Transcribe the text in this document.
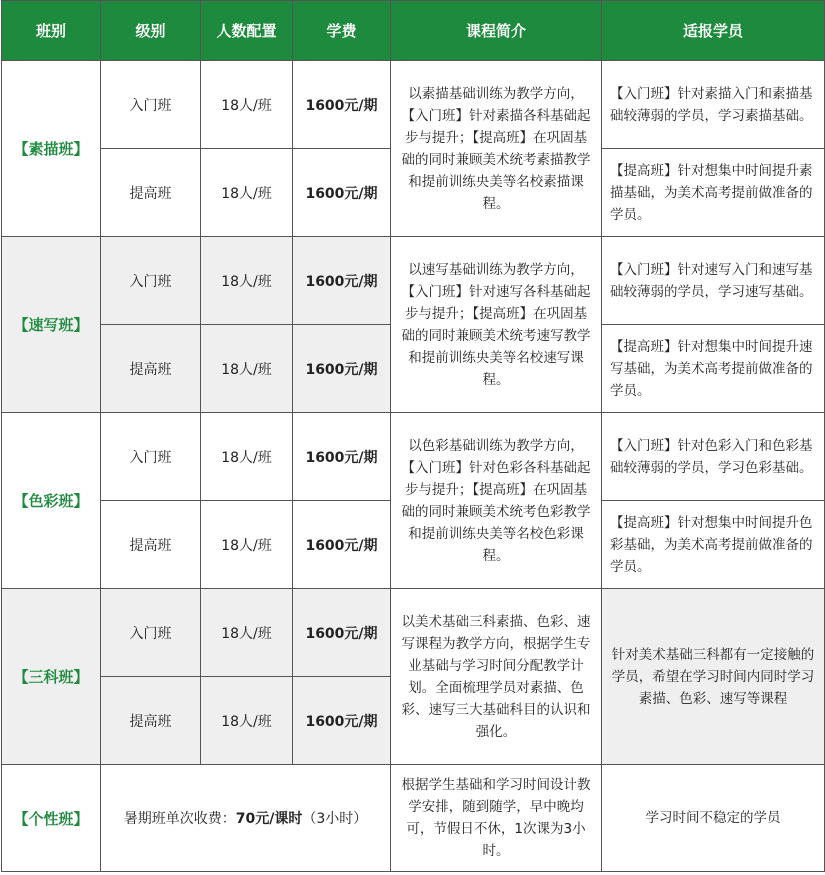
班别	级别	人数配置	学费	课程简介	适报学员
【素描班】	入门班	18人/班	1600元/期	以素描基础训练为教学方向，【入门班】针对素描各科基础起步与提升；【提高班】在巩固基础的同时兼顾美术统考素描教学和提前训练央美等名校素描课程。	【入门班】针对素描入门和素描基础较薄弱的学员，学习素描基础。
	提高班	18人/班	1600元/期		【提高班】针对想集中时间提升素描基础，为美术高考提前做准备的学员。
【速写班】	入门班	18人/班	1600元/期	以速写基础训练为教学方向，【入门班】针对速写各科基础起步与提升；【提高班】在巩固基础的同时兼顾美术统考速写教学和提前训练央美等名校速写课程。	【入门班】针对速写入门和速写基础较薄弱的学员，学习速写基础。
	提高班	18人/班	1600元/期		【提高班】针对想集中时间提升速写基础，为美术高考提前做准备的学员。
【色彩班】	入门班	18人/班	1600元/期	以色彩基础训练为教学方向，【入门班】针对色彩各科基础起步与提升；【提高班】在巩固基础的同时兼顾美术统考色彩教学和提前训练央美等名校色彩课程。	【入门班】针对色彩入门和色彩基础较薄弱的学员，学习色彩基础。
	提高班	18人/班	1600元/期		【提高班】针对想集中时间提升色彩基础，为美术高考提前做准备的学员。
【三科班】	入门班	18人/班	1600元/期	以美术基础三科素描、色彩、速写课程为教学方向，根据学生专业基础与学习时间分配教学计划。全面梳理学员对素描、色彩、速写三大基础科目的认识和强化。	针对美术基础三科都有一定接触的学员，希望在学习时间内同时学习素描、色彩、速写等课程
	提高班	18人/班	1600元/期		
【个性班】	暑期班单次收费：70元/课时（3小时）			根据学生基础和学习时间设计教学安排，随到随学，早中晚均可，节假日不休，1次课为3小时。	学习时间不稳定的学员
